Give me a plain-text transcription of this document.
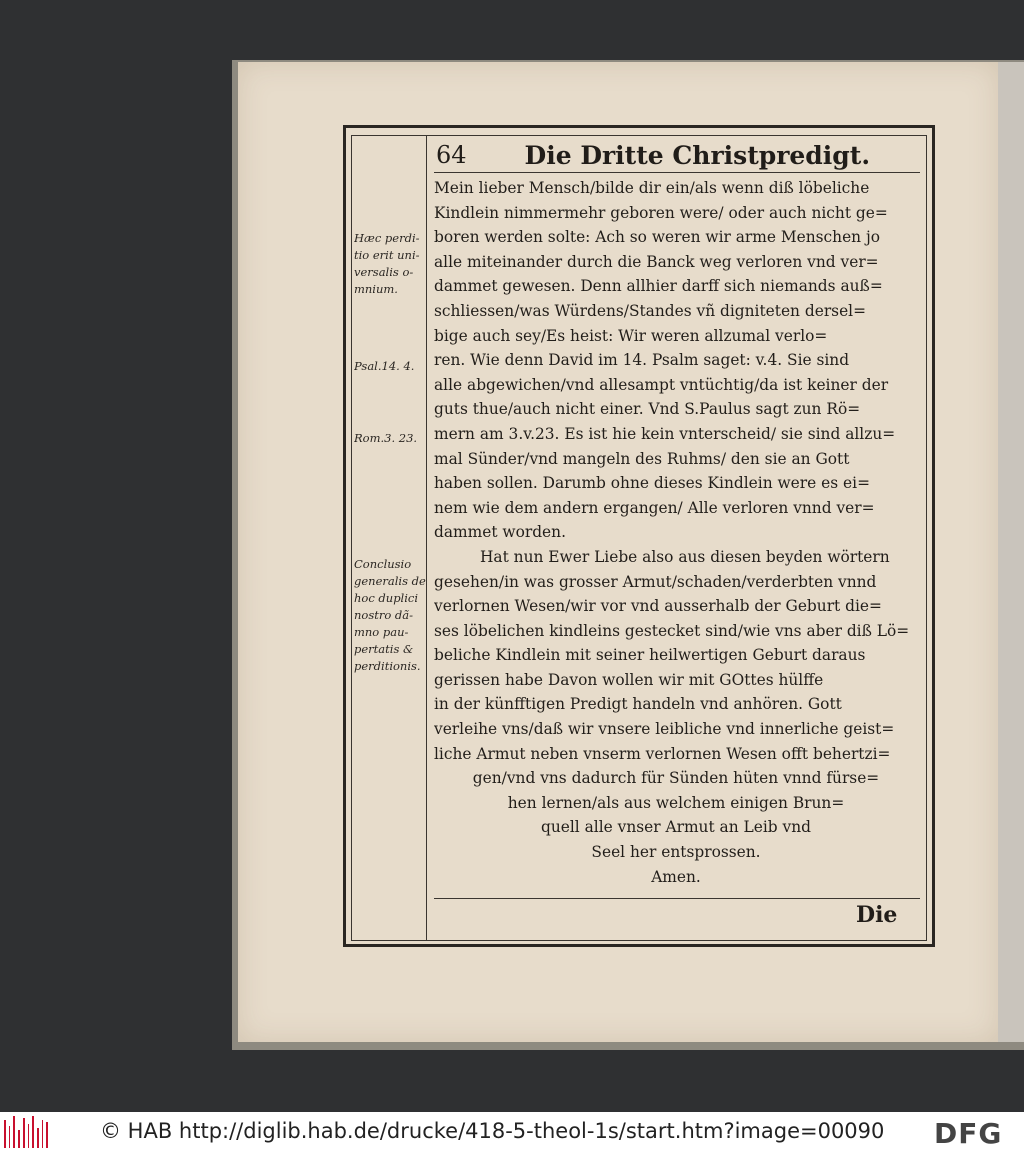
64 Die Dritte Christpredigt.
Mein lieber Mensch/bilde dir ein/als wenn diß löbeliche
Kindlein nimmermehr geboren were/ oder auch nicht ge=
boren werden solte: Ach so weren wir arme Menschen jo
alle miteinander durch die Banck weg verloren vnd ver=
dammet gewesen. Denn allhier darff sich niemands auß=
schliessen/was Würdens/Standes vñ digniteten dersel=
bige auch sey/Es heist: Wir weren allzumal verlo=
ren. Wie denn David im 14. Psalm saget: v.4. Sie sind
alle abgewichen/vnd allesampt vntüchtig/da ist keiner der
guts thue/auch nicht einer. Vnd S.Paulus sagt zun Rö=
mern am 3.v.23. Es ist hie kein vnterscheid/ sie sind allzu=
mal Sünder/vnd mangeln des Ruhms/ den sie an Gott
haben sollen. Darumb ohne dieses Kindlein were es ei=
nem wie dem andern ergangen/ Alle verloren vnnd ver=
dammet worden.
Hat nun Ewer Liebe also aus diesen beyden wörtern
gesehen/in was grosser Armut/schaden/verderbten vnnd
verlornen Wesen/wir vor vnd ausserhalb der Geburt die=
ses löbelichen kindleins gestecket sind/wie vns aber diß Lö=
beliche Kindlein mit seiner heilwertigen Geburt daraus
gerissen habe Davon wollen wir mit GOttes hülffe
in der künfftigen Predigt handeln vnd anhören. Gott
verleihe vns/daß wir vnsere leibliche vnd innerliche geist=
liche Armut neben vnserm verlornen Wesen offt behertzi=
gen/vnd vns dadurch für Sünden hüten vnnd fürse=
hen lernen/als aus welchem einigen Brun=
quell alle vnser Armut an Leib vnd
Seel her entsprossen.
Amen.
Hæc perdi-
tio erit uni-
versalis o-
mnium.
Psal.14. 4.
Rom.3. 23.
Conclusio
generalis de
hoc duplici
nostro dã-
mno pau-
pertatis &
perditionis.
Die
© HAB http://diglib.hab.de/drucke/418-5-theol-1s/start.htm?image=00090 DFG
